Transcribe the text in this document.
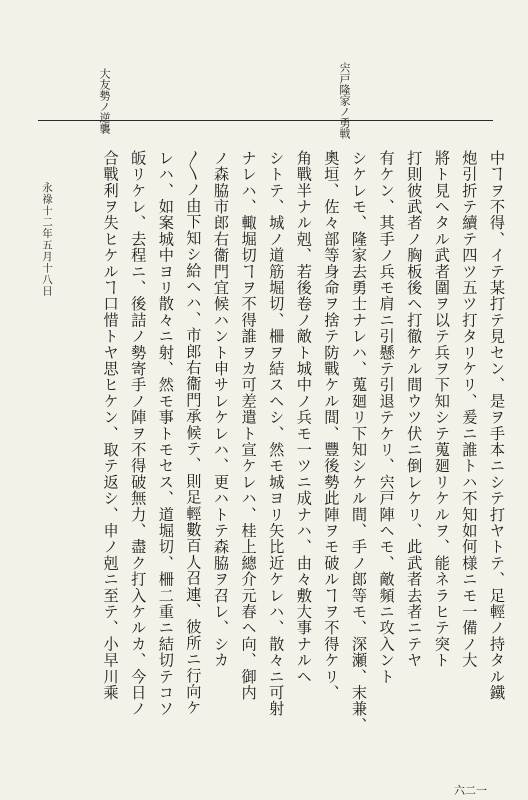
大友勢ノ逆襲	宍戸隆家ノ勇戦
永祿十二年五月十八日
六二一
中ヿヲ不得、イテ某打テ見セン、是ヲ手本ニシテ打ヤトテ、足輕ノ持タル鐵
炮引折テ續テ四ツ五ツ打タリケリ、爰ニ誰トハ不知如何様ニモ一備ノ大
將ト見ヘタル武者圍ヲ以テ兵ヲ下知シテ蒐廻リケルヲ、能ネラヒテ突ト
打則彼武者ノ胸板後ヘ打徹ケル間ウツ伏ニ倒レケリ、此武者去者ニテヤ
有ケン、其手ノ兵モ肩ニ引懸テ引退テケリ、宍戸陣ヘモ、敵頻ニ攻入ント
シケレモ、隆家去勇士ナレハ、蒐廻リ下知シケル間、手ノ郎等モ、深瀬、末兼、
奧垣、佐々部等身命ヲ捨テ防戰ケル間、豐後勢此陣ヲモ破ルヿヲ不得ケリ、
角戰半ナル剋、若後卷ノ敵ト城中ノ兵モ一ツニ成ナハ、由々敷大事ナルヘ
シトテ、城ノ道筋堀切、柵ヲ結スヘシ、然モ城ヨリ矢比近ケレハ、散々ニ可射
ナレハ、輙堀切ヿヲ不得誰ヲカ可差遣ト宣ケレハ、桂上總介元春ヘ向、御内
ノ森脇市郎右衞門宜候ハント申サレケレハ、更ハトテ森脇ヲ召レ、シカ
〳〵ノ由下知シ給ヘハ、市郎右衞門承候テ、則足輕數百人召連、彼所ニ行向ケ
レハ、如案城中ヨリ散々ニ射、然モ事トモセス、道堀切、柵二重ニ結切テコソ
皈リケレ、去程ニ、後詰ノ勢寄手ノ陣ヲ不得破無力、盡ク打入ケルカ、今日ノ
合戰利ヲ失ヒケルヿ口惜トヤ思ヒケン、取テ返シ、申ノ剋ニ至テ、小早川乘
